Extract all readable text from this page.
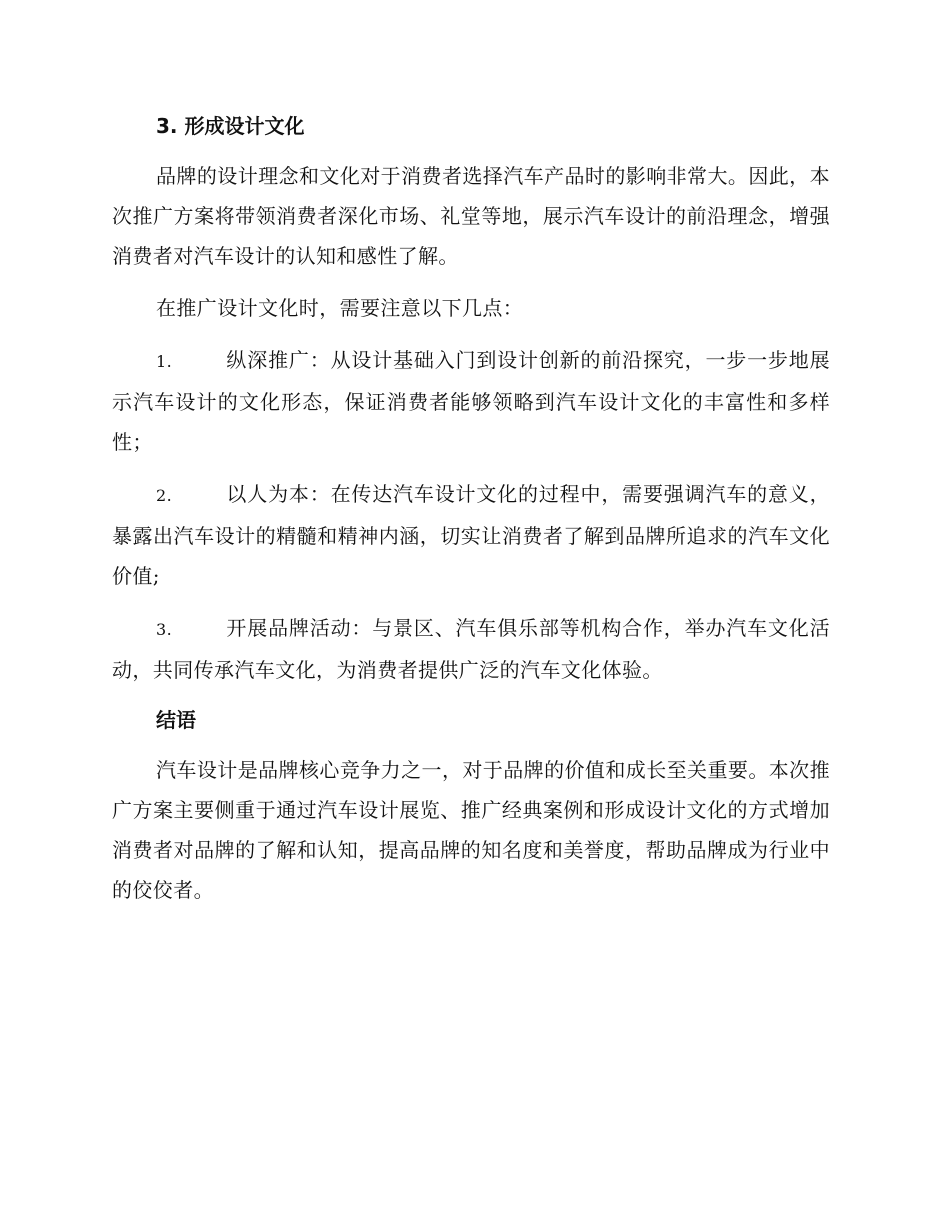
3. 形成设计文化

品牌的设计理念和文化对于消费者选择汽车产品时的影响非常大。因此，本次推广方案将带领消费者深化市场、礼堂等地，展示汽车设计的前沿理念，增强消费者对汽车设计的认知和感性了解。

在推广设计文化时，需要注意以下几点：

1.	纵深推广：从设计基础入门到设计创新的前沿探究，一步一步地展示汽车设计的文化形态，保证消费者能够领略到汽车设计文化的丰富性和多样性；

2.	以人为本：在传达汽车设计文化的过程中，需要强调汽车的意义，暴露出汽车设计的精髓和精神内涵，切实让消费者了解到品牌所追求的汽车文化价值;

3.	开展品牌活动：与景区、汽车俱乐部等机构合作，举办汽车文化活动，共同传承汽车文化，为消费者提供广泛的汽车文化体验。

结语

汽车设计是品牌核心竞争力之一，对于品牌的价值和成长至关重要。本次推广方案主要侧重于通过汽车设计展览、推广经典案例和形成设计文化的方式增加消费者对品牌的了解和认知，提高品牌的知名度和美誉度，帮助品牌成为行业中的佼佼者。
